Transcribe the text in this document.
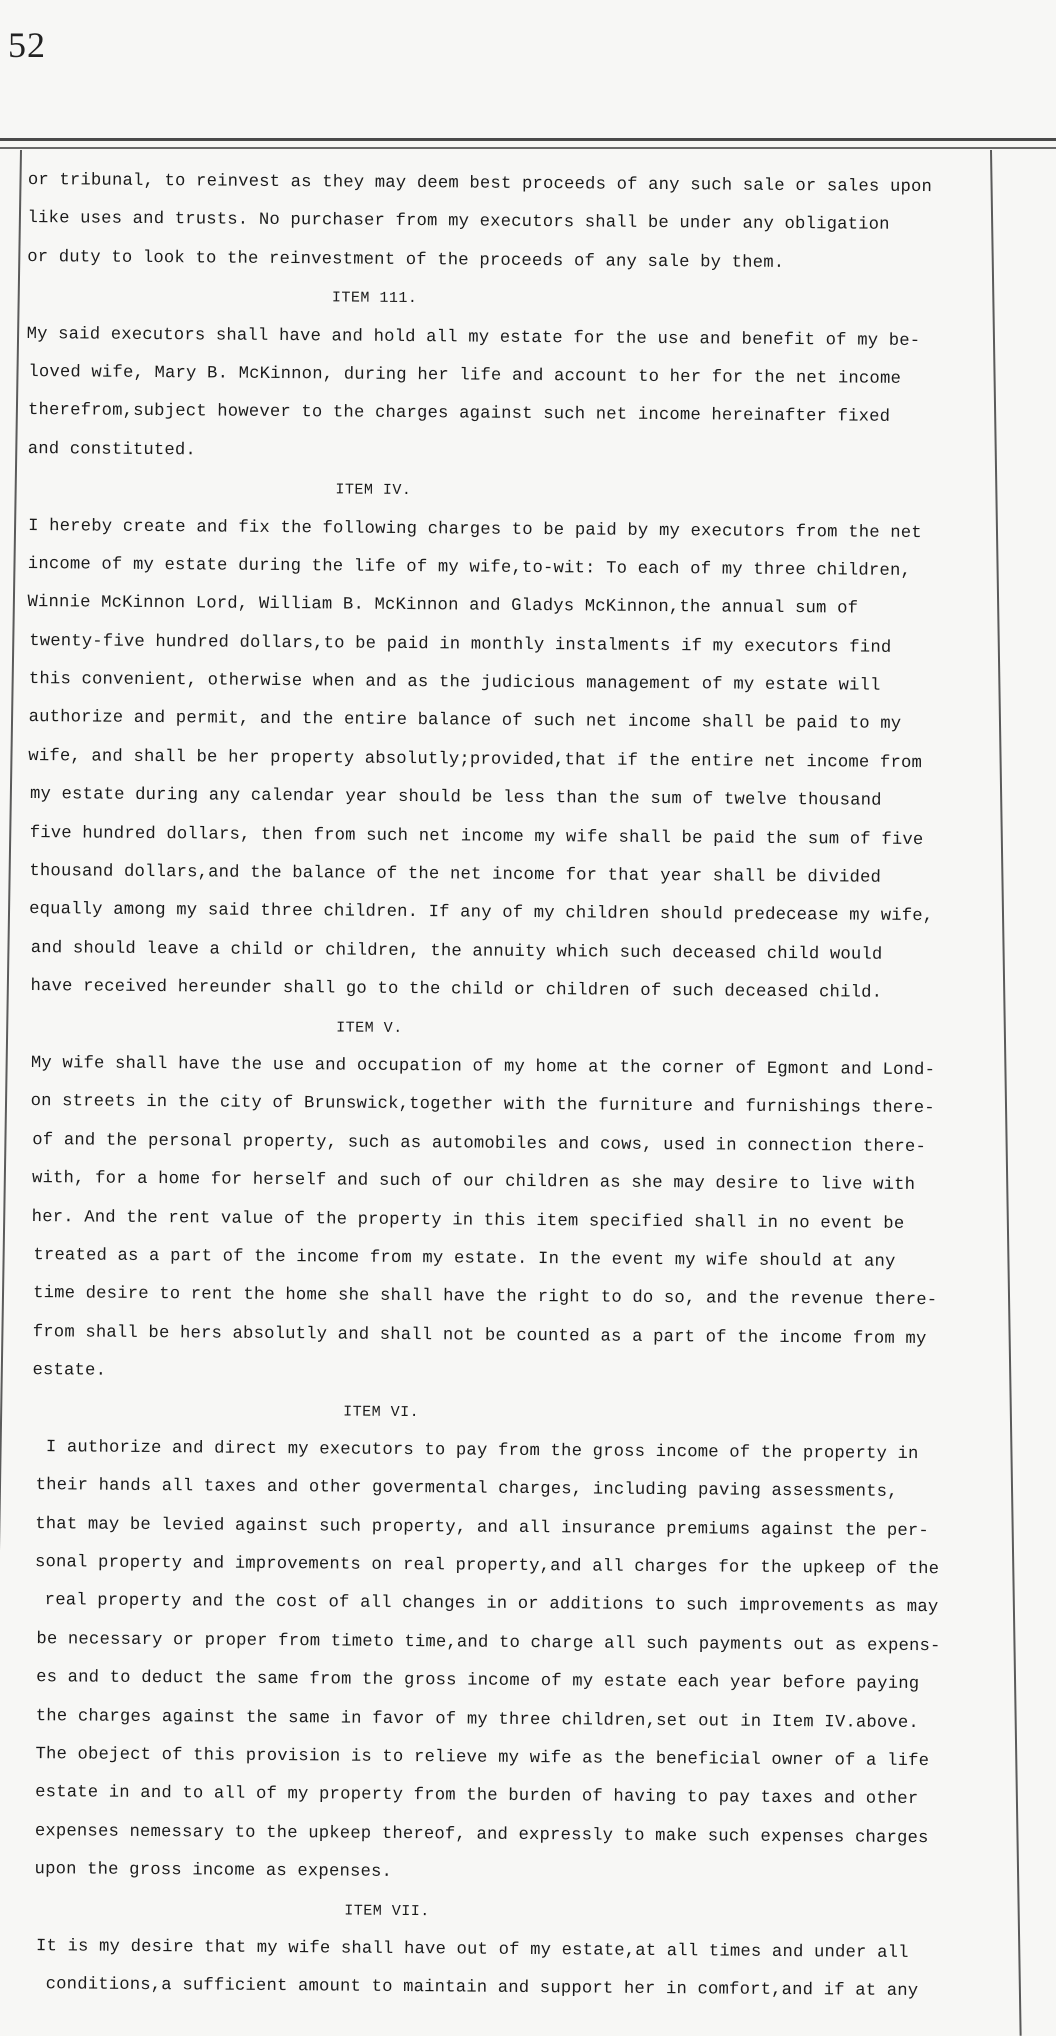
52
or tribunal, to reinvest as they may deem best proceeds of any such sale or sales upon
like uses and trusts. No purchaser from my executors shall be under any obligation
or duty to look to the reinvestment of the proceeds of any sale by them.
ITEM 111.
My said executors shall have and hold all my estate for the use and benefit of my be-
loved wife, Mary B. McKinnon, during her life and account to her for the net income
therefrom,subject however to the charges against such net income hereinafter fixed
and constituted.
ITEM IV.
I hereby create and fix the following charges to be paid by my executors from the net
income of my estate during the life of my wife,to-wit: To each of my three children,
Winnie McKinnon Lord, William B. McKinnon and Gladys McKinnon,the annual sum of
twenty-five hundred dollars,to be paid in monthly instalments if my executors find
this convenient, otherwise when and as the judicious management of my estate will
authorize and permit, and the entire balance of such net income shall be paid to my
wife, and shall be her property absolutly;provided,that if the entire net income from
my estate during any calendar year should be less than the sum of twelve thousand
five hundred dollars, then from such net income my wife shall be paid the sum of five
thousand dollars,and the balance of the net income for that year shall be divided
equally among my said three children. If any of my children should predecease my wife,
and should leave a child or children, the annuity which such deceased child would
have received hereunder shall go to the child or children of such deceased child.
ITEM V.
My wife shall have the use and occupation of my home at the corner of Egmont and Lond-
on streets in the city of Brunswick,together with the furniture and furnishings there-
of and the personal property, such as automobiles and cows, used in connection there-
with, for a home for herself and such of our children as she may desire to live with
her. And the rent value of the property in this item specified shall in no event be
treated as a part of the income from my estate. In the event my wife should at any
time desire to rent the home she shall have the right to do so, and the revenue there-
from shall be hers absolutly and shall not be counted as a part of the income from my
estate.
ITEM VI.
I authorize and direct my executors to pay from the gross income of the property in
their hands all taxes and other govermental charges, including paving assessments,
that may be levied against such property, and all insurance premiums against the per-
sonal property and improvements on real property,and all charges for the upkeep of the
real property and the cost of all changes in or additions to such improvements as may
be necessary or proper from timeto time,and to charge all such payments out as expens-
es and to deduct the same from the gross income of my estate each year before paying
the charges against the same in favor of my three children,set out in Item IV.above.
The obeject of this provision is to relieve my wife as the beneficial owner of a life
estate in and to all of my property from the burden of having to pay taxes and other
expenses nemessary to the upkeep thereof, and expressly to make such expenses charges
upon the gross income as expenses.
ITEM VII.
It is my desire that my wife shall have out of my estate,at all times and under all
conditions,a sufficient amount to maintain and support her in comfort,and if at any
